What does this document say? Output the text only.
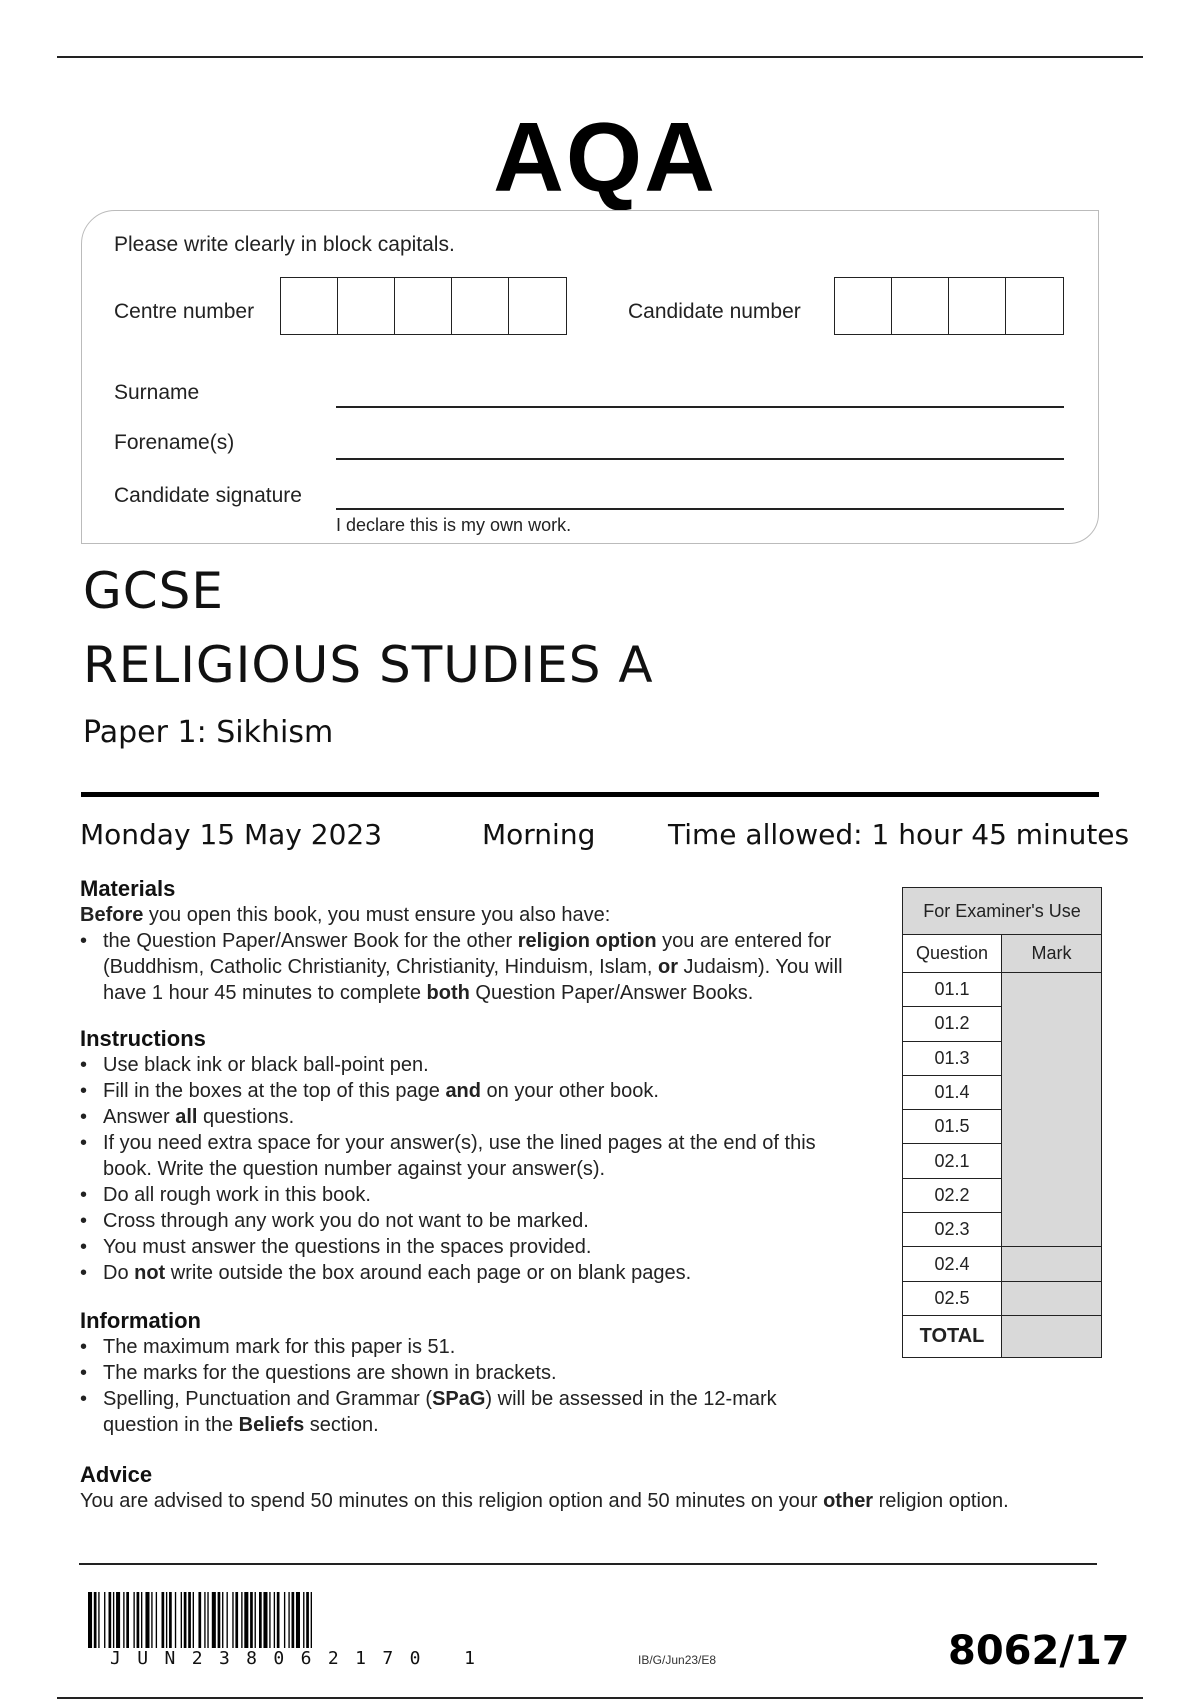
AQA
Please write clearly in block capitals.
Centre number	Candidate number
Surname
Forename(s)
Candidate signature
I declare this is my own work.
GCSE
RELIGIOUS STUDIES A
Paper 1: Sikhism
Monday 15 May 2023	Morning	Time allowed: 1 hour 45 minutes
Materials
Before you open this book, you must ensure you also have:
• the Question Paper/Answer Book for the other religion option you are entered for (Buddhism, Catholic Christianity, Christianity, Hinduism, Islam, or Judaism). You will have 1 hour 45 minutes to complete both Question Paper/Answer Books.
Instructions
• Use black ink or black ball-point pen.
• Fill in the boxes at the top of this page and on your other book.
• Answer all questions.
• If you need extra space for your answer(s), use the lined pages at the end of this book. Write the question number against your answer(s).
• Do all rough work in this book.
• Cross through any work you do not want to be marked.
• You must answer the questions in the spaces provided.
• Do not write outside the box around each page or on blank pages.
Information
• The maximum mark for this paper is 51.
• The marks for the questions are shown in brackets.
• Spelling, Punctuation and Grammar (SPaG) will be assessed in the 12-mark question in the Beliefs section.
Advice
You are advised to spend 50 minutes on this religion option and 50 minutes on your other religion option.
For Examiner's Use	
Question	Mark
01.1	
01.2	
01.3	
01.4	
01.5	
02.1	
02.2	
02.3	
02.4	
02.5	
TOTAL	
JUN238062170 1	IB/G/Jun23/E8	8062/17
